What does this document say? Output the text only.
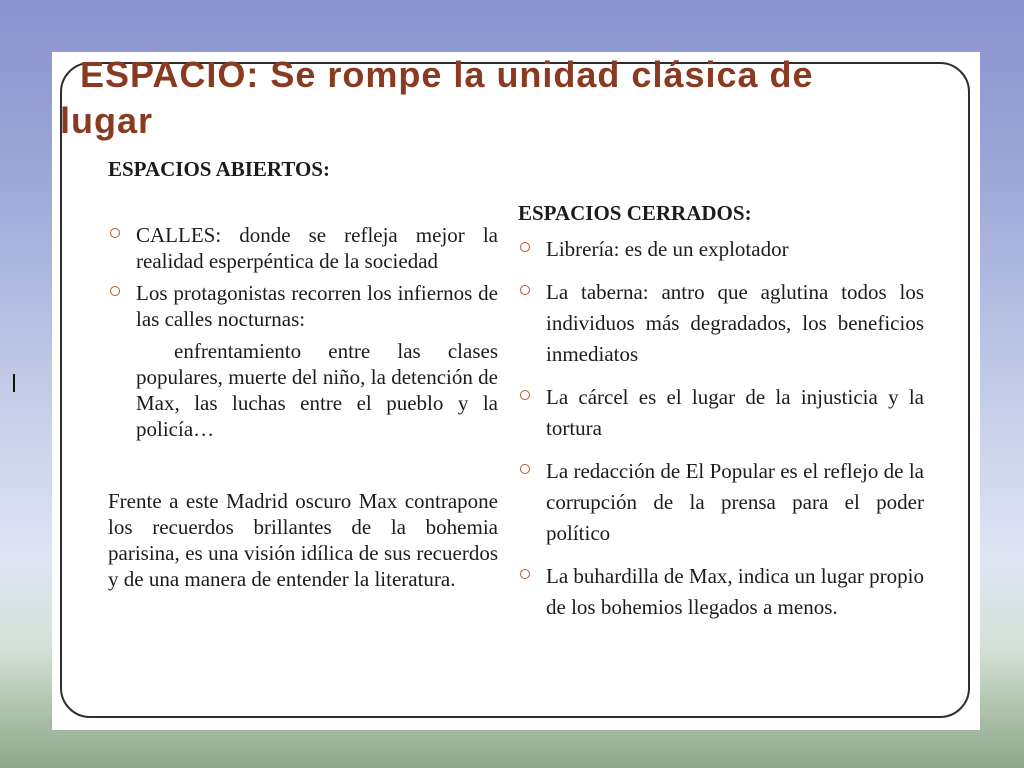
ESPACIO: Se rompe la unidad clásica de
lugar

ESPACIOS ABIERTOS:

CALLES: donde se refleja mejor la realidad esperpéntica de la sociedad
Los protagonistas recorren los infiernos de las calles nocturnas:
enfrentamiento entre las clases populares, muerte del niño, la detención de Max, las luchas entre el pueblo y la policía…
Frente a este Madrid oscuro Max contrapone los recuerdos brillantes de la bohemia parisina, es una visión idílica de sus recuerdos y de una manera de entender la literatura.

ESPACIOS CERRADOS:

Librería: es de un explotador
La taberna: antro que aglutina todos los individuos más degradados, los beneficios inmediatos
La cárcel es el lugar de la injusticia y la tortura
La redacción de El Popular es el reflejo de la corrupción de la prensa para el poder político
La buhardilla de Max, indica un lugar propio de los bohemios llegados a menos.
